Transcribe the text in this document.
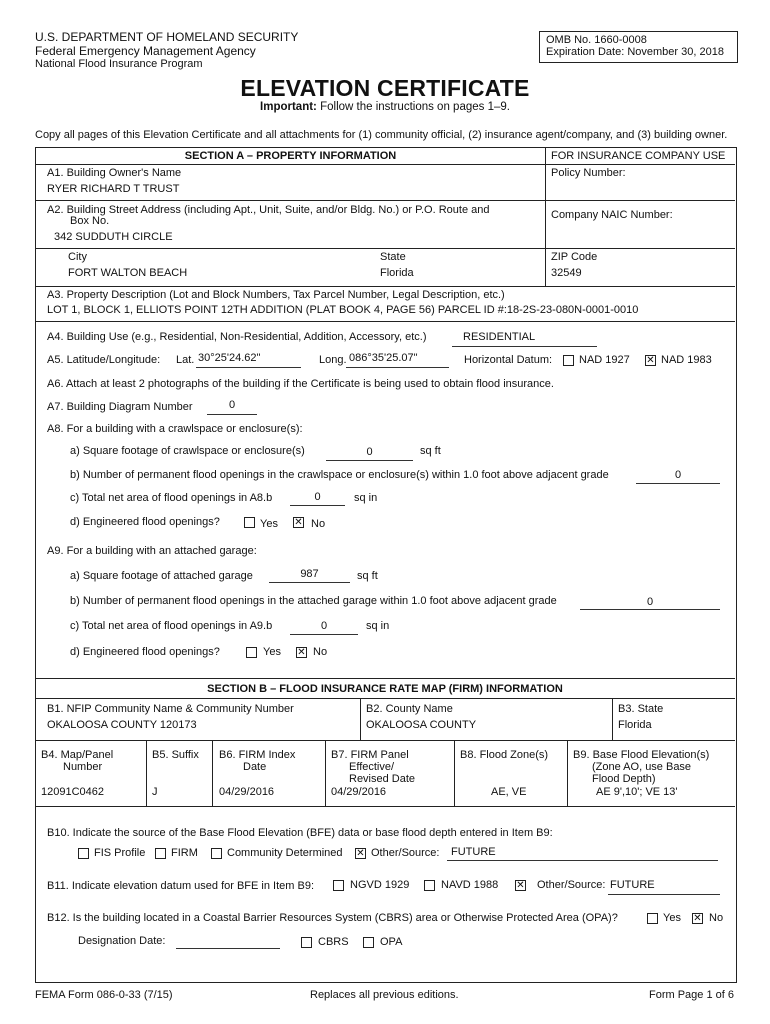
U.S. DEPARTMENT OF HOMELAND SECURITY
Federal Emergency Management Agency
National Flood Insurance Program
OMB No. 1660-0008
Expiration Date: November 30, 2018
ELEVATION CERTIFICATE
Important: Follow the instructions on pages 1–9.
Copy all pages of this Elevation Certificate and all attachments for (1) community official, (2) insurance agent/company, and (3) building owner.
SECTION A – PROPERTY INFORMATION	FOR INSURANCE COMPANY USE
A1. Building Owner's Name
RYER RICHARD T TRUST
Policy Number:
A2. Building Street Address (including Apt., Unit, Suite, and/or Bldg. No.) or P.O. Route and
Box No.
342 SUDDUTH CIRCLE
Company NAIC Number:
City
FORT WALTON BEACH
State
Florida
ZIP Code
32549
A3. Property Description (Lot and Block Numbers, Tax Parcel Number, Legal Description, etc.)
LOT 1, BLOCK 1, ELLIOTS POINT 12TH ADDITION (PLAT BOOK 4, PAGE 56) PARCEL ID #:18-2S-23-080N-0001-0010
A4. Building Use (e.g., Residential, Non-Residential, Addition, Accessory, etc.)	RESIDENTIAL
A5. Latitude/Longitude: Lat. 30°25'24.62"	Long. 086°35'25.07"	Horizontal Datum: NAD 1927 ✕	NAD 1983
A6. Attach at least 2 photographs of the building if the Certificate is being used to obtain flood insurance.
A7. Building Diagram Number	0
A8. For a building with a crawlspace or enclosure(s):
a) Square footage of crawlspace or enclosure(s)	0	sq ft
b) Number of permanent flood openings in the crawlspace or enclosure(s) within 1.0 foot above adjacent grade	0
c) Total net area of flood openings in A8.b	0	sq in
d) Engineered flood openings?	Yes ✕	No
A9. For a building with an attached garage:
a) Square footage of attached garage	987	sq ft
b) Number of permanent flood openings in the attached garage within 1.0 foot above adjacent grade	0
c) Total net area of flood openings in A9.b	0	sq in
d) Engineered flood openings?	Yes ✕	No
SECTION B – FLOOD INSURANCE RATE MAP (FIRM) INFORMATION
B1. NFIP Community Name & Community Number
OKALOOSA COUNTY 120173
B2. County Name
OKALOOSA COUNTY
B3. State
Florida
B4. Map/Panel
Number
12091C0462
B5. Suffix
J
B6. FIRM Index
Date
04/29/2016
B7. FIRM Panel
Effective/
Revised Date
04/29/2016
B8. Flood Zone(s)
AE, VE
B9. Base Flood Elevation(s)
(Zone AO, use Base
Flood Depth)
AE 9',10'; VE 13'
B10. Indicate the source of the Base Flood Elevation (BFE) data or base flood depth entered in Item B9:
FIS Profile FIRM	Community Determined ✕	Other/Source: FUTURE
B11. Indicate elevation datum used for BFE in Item B9:	NGVD 1929	NAVD 1988 ✕	Other/Source: FUTURE
B12. Is the building located in a Coastal Barrier Resources System (CBRS) area or Otherwise Protected Area (OPA)?	Yes ✕	No
Designation Date:	CBRS	OPA
FEMA Form 086-0-33 (7/15)	Replaces all previous editions.	Form Page 1 of 6
